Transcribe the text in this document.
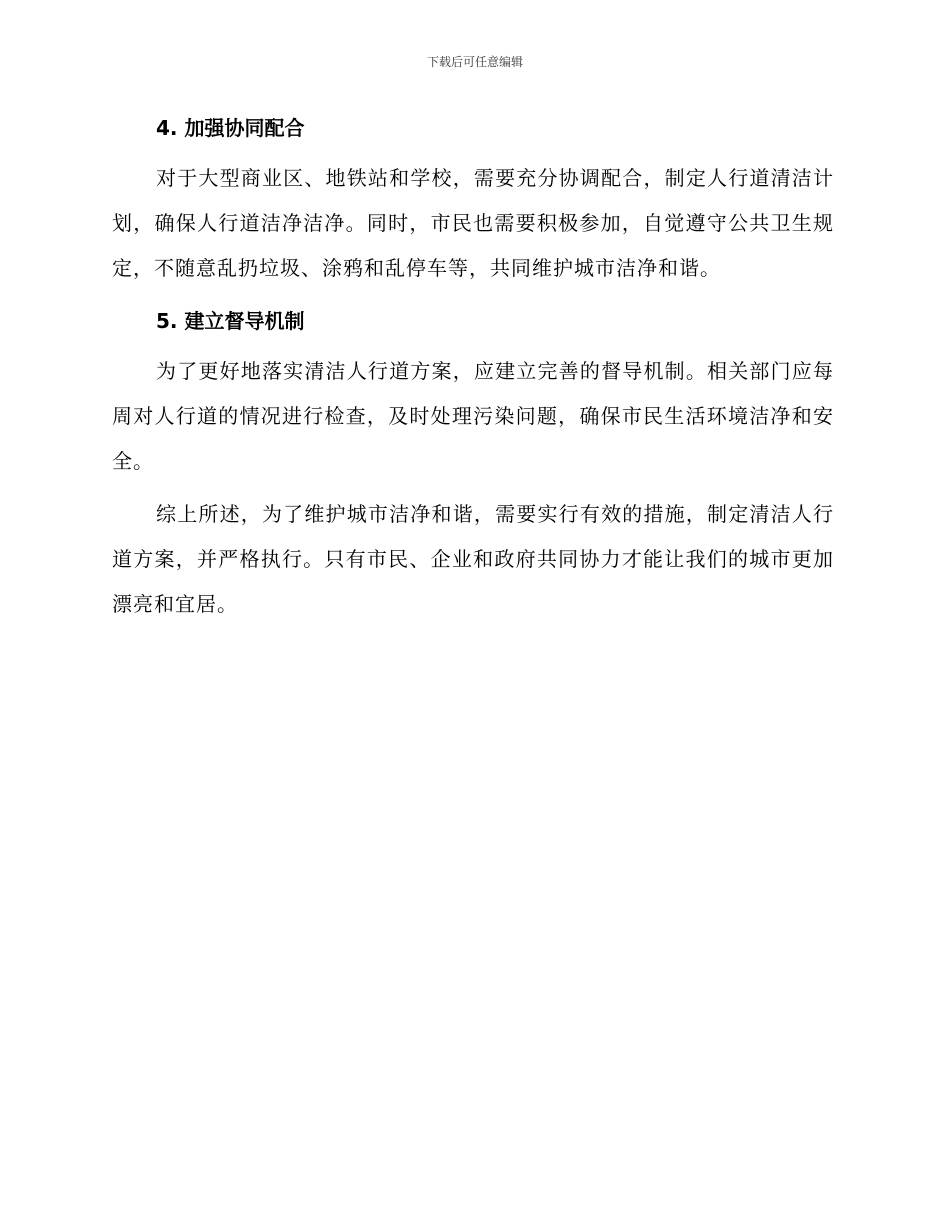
下载后可任意编辑
4. 加强协同配合

对于大型商业区、地铁站和学校，需要充分协调配合，制定人行道清洁计划，确保人行道洁净洁净。同时，市民也需要积极参加，自觉遵守公共卫生规定，不随意乱扔垃圾、涂鸦和乱停车等，共同维护城市洁净和谐。

5. 建立督导机制

为了更好地落实清洁人行道方案，应建立完善的督导机制。相关部门应每周对人行道的情况进行检查，及时处理污染问题，确保市民生活环境洁净和安全。

综上所述，为了维护城市洁净和谐，需要实行有效的措施，制定清洁人行道方案，并严格执行。只有市民、企业和政府共同协力才能让我们的城市更加漂亮和宜居。
